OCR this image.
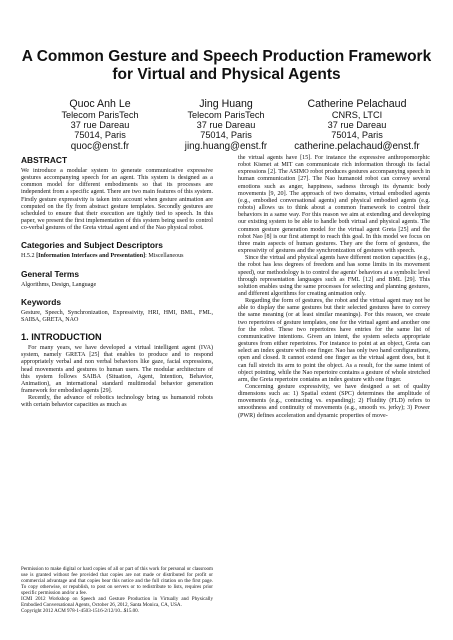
A Common Gesture and Speech Production Framework for Virtual and Physical Agents
Quoc Anh Le
Telecom ParisTech
37 rue Dareau
75014, Paris
quoc@enst.fr
Jing Huang
Telecom ParisTech
37 rue Dareau
75014, Paris
jing.huang@enst.fr
Catherine Pelachaud
CNRS, LTCI
37 rue Dareau
75014, Paris
catherine.pelachaud@enst.fr
ABSTRACT

We introduce a modular system to generate communicative expressive gestures accompanying speech for an agent. This system is designed as a common model for different embodiments so that its processes are independent from a specific agent. There are two main features of this system. Firstly gesture expressivity is taken into account when gesture animation are computed on the fly from abstract gesture templates. Secondly gestures are scheduled to ensure that their execution are tightly tied to speech. In this paper, we present the first implementation of this system being used to control co-verbal gestures of the Greta virtual agent and of the Nao physical robot.

Categories and Subject Descriptors

H.5.2 [Information Interfaces and Presentation]: Miscellaneous

General Terms

Algorithms, Design, Language

Keywords

Gesture, Speech, Synchronization, Expressivity, HRI, HMI, BML, FML, SAIBA, GRETA, NAO

1. INTRODUCTION

For many years, we have developed a virtual intelligent agent (IVA) system, namely GRETA [25] that enables to produce and to respond appropriately verbal and non verbal behaviors like gaze, facial expressions, head movements and gestures to human users. The modular architecture of this system follows SAIBA (Situation, Agent, Intention, Behavior, Animation), an international standard multimodal behavior generation framework for embodied agents [29].

Recently, the advance of robotics technology bring us humanoid robots with certain behavior capacities as much as

Permission to make digital or hard copies of all or part of this work for personal or classroom use is granted without fee provided that copies are not made or distributed for profit or commercial advantage and that copies bear this notice and the full citation on the first page. To copy otherwise, or republish, to post on servers or to redistribute to lists, requires prior specific permission and/or a fee.

ICMI 2012 Workshop on Speech and Gesture Production in Virtually and Physically Embodied Conversational Agents, October 26, 2012, Santa Monica, CA, USA.

Copyright 2012 ACM 978-1-4503-1516-2/12/10...$15.00.

the virtual agents have [15]. For instance the expressive anthropomorphic robot Kismet at MIT can communicate rich information through its facial expressions [2]. The ASIMO robot produces gestures accompanying speech in human communication [27]. The Nao humanoid robot can convey several emotions such as anger, happiness, sadness through its dynamic body movements [9, 20]. The approach of two domains, virtual embodied agents (e.g., embodied conversational agents) and physical embodied agents (e.g. robots) allows us to think about a common framework to control their behaviors in a same way. For this reason we aim at extending and developing our existing system to be able to handle both virtual and physical agents. The common gesture generation model for the virtual agent Greta [25] and the robot Nao [8] is our first attempt to reach this goal. In this model we focus on three main aspects of human gestures. They are the form of gestures, the expressivity of gestures and the synchronization of gestures with speech.

Since the virtual and physical agents have different motion capacities (e.g., the robot has less degrees of freedom and has some limits in its movement speed), our methodology is to control the agents' behaviors at a symbolic level through representation languages such as FML [12] and BML [29]. This solution enables using the same processes for selecting and planning gestures, and different algorithms for creating animation only.

Regarding the form of gestures, the robot and the virtual agent may not be able to display the same gestures but their selected gestures have to convey the same meaning (or at least similar meanings). For this reason, we create two repertoires of gesture templates, one for the virtual agent and another one for the robot. These two repertoires have entries for the same list of communicative intentions. Given an intent, the system selects appropriate gestures from either repertoires. For instance to point at an object, Greta can select an index gesture with one finger. Nao has only two hand configurations, open and closed. It cannot extend one finger as the virtual agent does, but it can full stretch its arm to point the object. As a result, for the same intent of object pointing, while the Nao repertoire contains a gesture of whole stretched arm, the Greta repertoire contains an index gesture with one finger.

Concerning gesture expressivity, we have designed a set of quality dimensions such as: 1) Spatial extent (SPC) determines the amplitude of movements (e.g., contracting vs. expanding); 2) Fluidity (FLD) refers to smoothness and continuity of movements (e.g., smooth vs. jerky); 3) Power (PWR) defines acceleration and dynamic properties of move-
